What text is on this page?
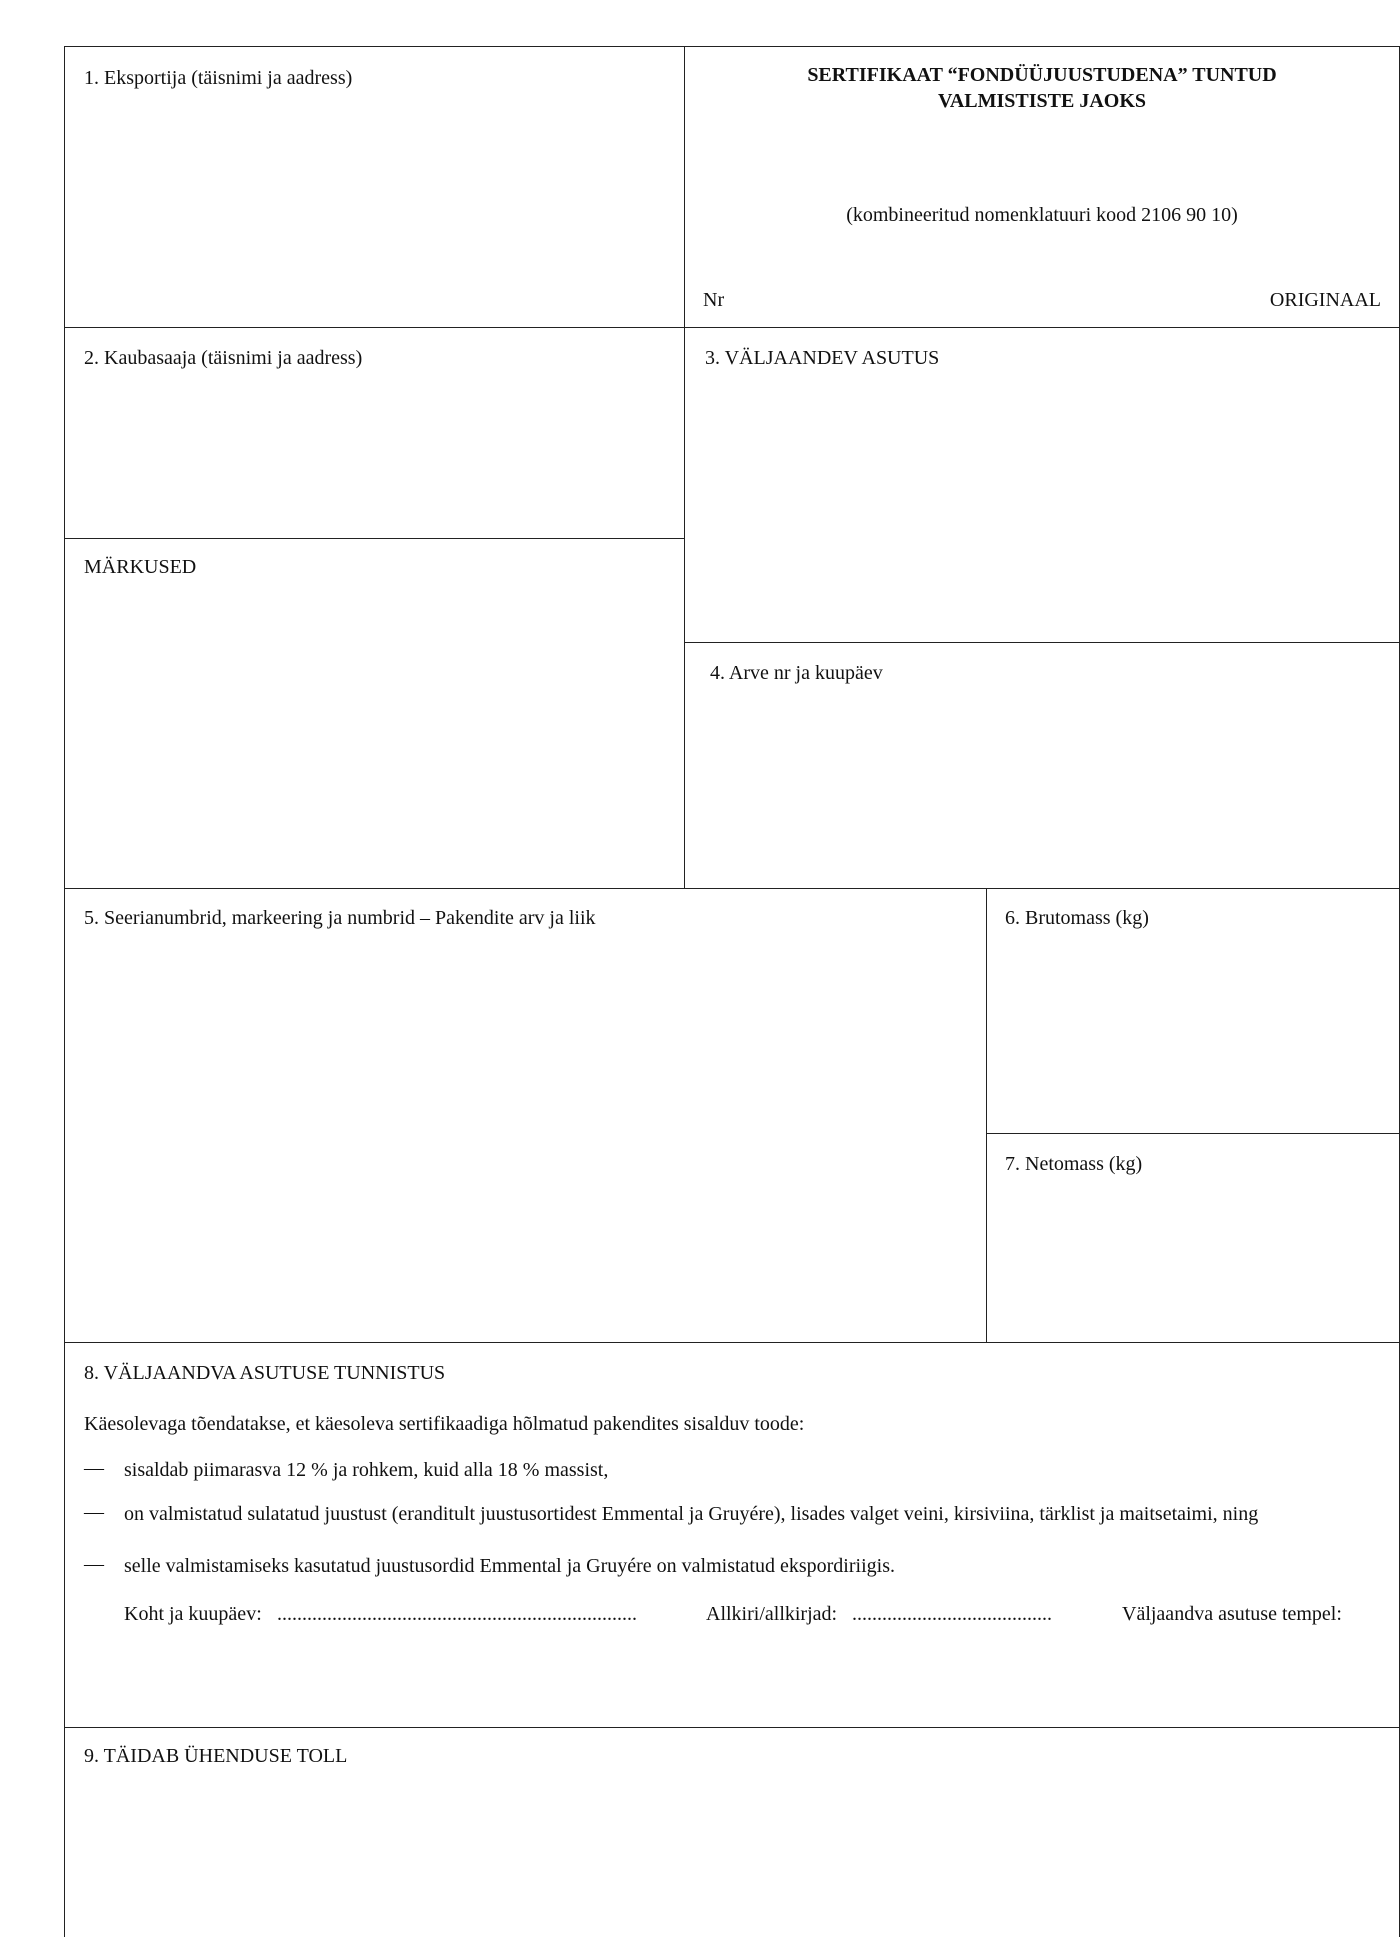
1. Eksportija (täisnimi ja aadress)	SERTIFIKAAT “FONDÜÜJUUSTUDENA” TUNTUD
VALMISTISTE JAOKS
(kombineeritud nomenklatuuri kood 2106 90 10)
Nr	ORIGINAAL
2. Kaubasaaja (täisnimi ja aadress)	3. VÄLJAANDEV ASUTUS
MÄRKUSED
4. Arve nr ja kuupäev
5. Seerianumbrid, markeering ja numbrid – Pakendite arv ja liik	6. Brutomass (kg)
7. Netomass (kg)
8. VÄLJAANDVA ASUTUSE TUNNISTUS
Käesolevaga tõendatakse, et käesoleva sertifikaadiga hõlmatud pakendites sisalduv toode:
— sisaldab piimarasva 12 % ja rohkem, kuid alla 18 % massist,
— on valmistatud sulatatud juustust (eranditult juustusortidest Emmental ja Gruyére), lisades valget veini, kirsiviina, tärklist ja maitsetaimi, ning
— selle valmistamiseks kasutatud juustusordid Emmental ja Gruyére on valmistatud ekspordiriigis.
Koht ja kuupäev: ........................................................................	Allkiri/allkirjad: ........................................	Väljaandva asutuse tempel:
9. TÄIDAB ÜHENDUSE TOLL
